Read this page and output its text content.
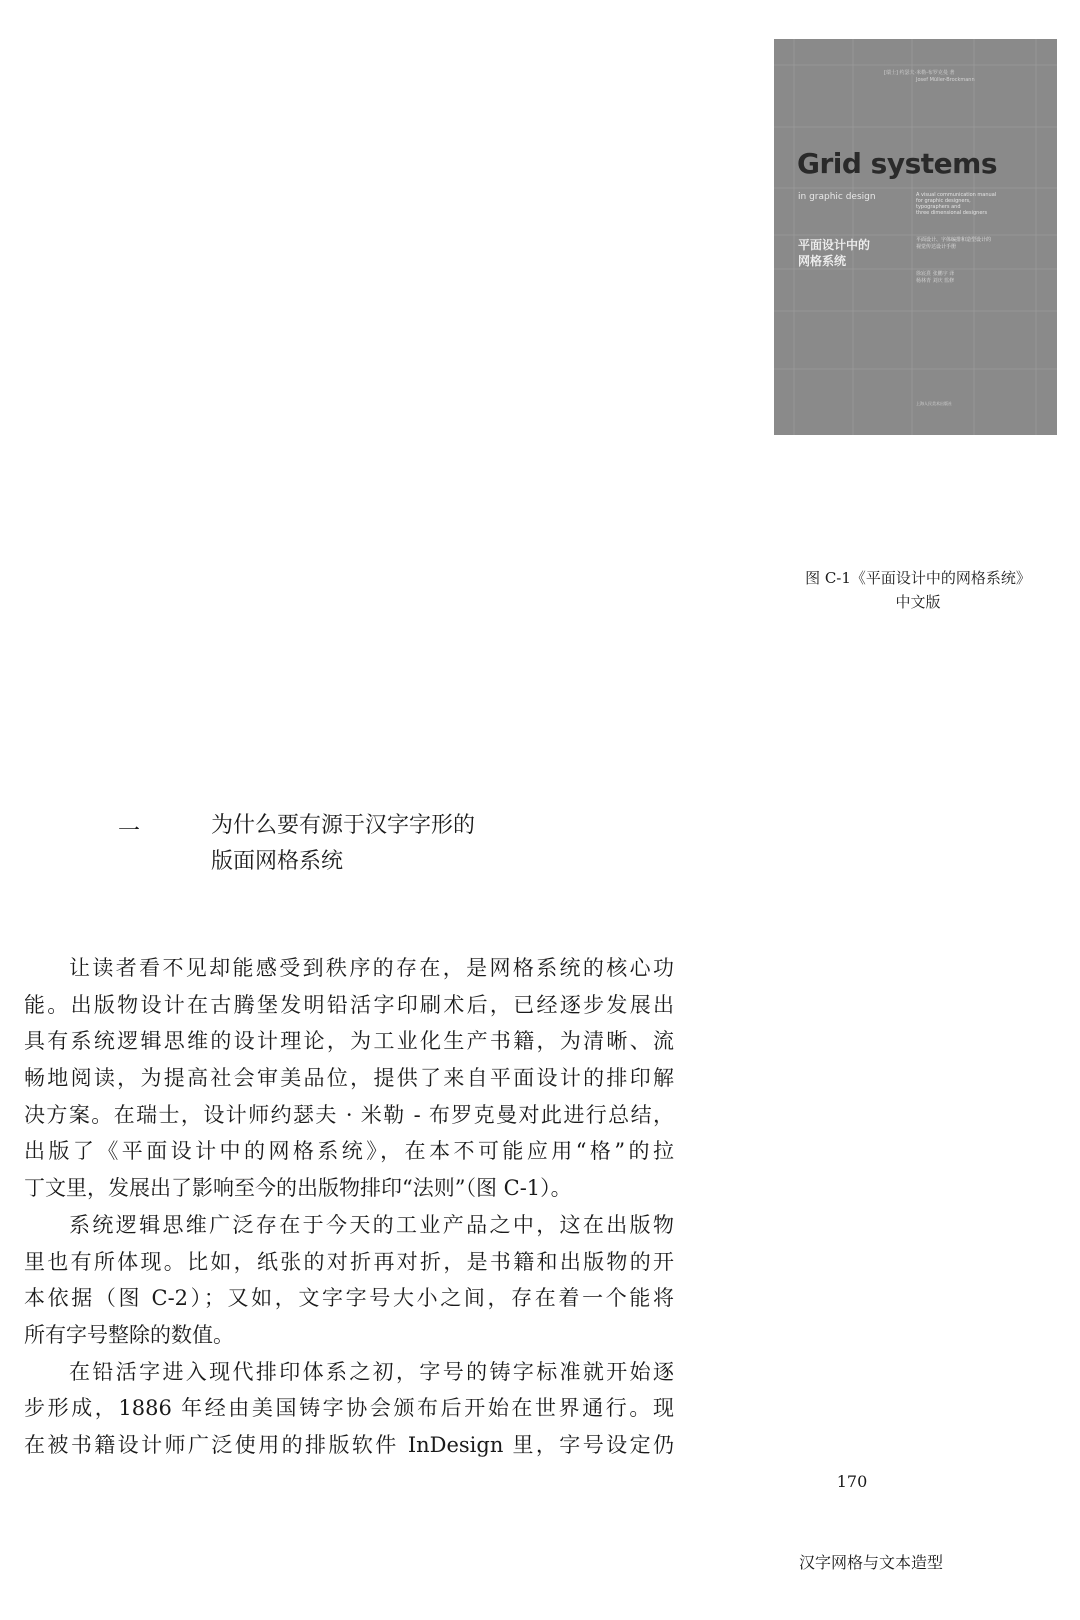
[瑞士] 约瑟夫·米勒-布罗克曼 著
Josef Müller-Brockmann
Grid systems
in graphic design	A visual communication manual
for graphic designers,
typographers and
three dimensional designers
平面设计中的
网格系统
平面设计、字体编排和造型设计的
视觉传达设计手册
徐宸熹 张鹏宇 译
杨林青 刘庆 监修
上海人民美术出版社
图 C-1《平面设计中的网格系统》
中文版
一	为什么要有源于汉字字形的
版面网格系统
让读者看不见却能感受到秩序的存在，是网格系统的核心功
能。出版物设计在古腾堡发明铅活字印刷术后，已经逐步发展出
具有系统逻辑思维的设计理论，为工业化生产书籍，为清晰、流
畅地阅读，为提高社会审美品位，提供了来自平面设计的排印解
决方案。在瑞士，设计师约瑟夫 · 米勒 - 布罗克曼对此进行总结，
出版了《平面设计中的网格系统》，在本不可能应用“格”的拉
丁文里，发展出了影响至今的出版物排印“法则”（图 C-1）。
系统逻辑思维广泛存在于今天的工业产品之中，这在出版物
里也有所体现。比如，纸张的对折再对折，是书籍和出版物的开
本依据（图 C-2）；又如，文字字号大小之间，存在着一个能将
所有字号整除的数值。
在铅活字进入现代排印体系之初，字号的铸字标准就开始逐
步形成，1886 年经由美国铸字协会颁布后开始在世界通行。现
在被书籍设计师广泛使用的排版软件 InDesign 里，字号设定仍
170
汉字网格与文本造型
